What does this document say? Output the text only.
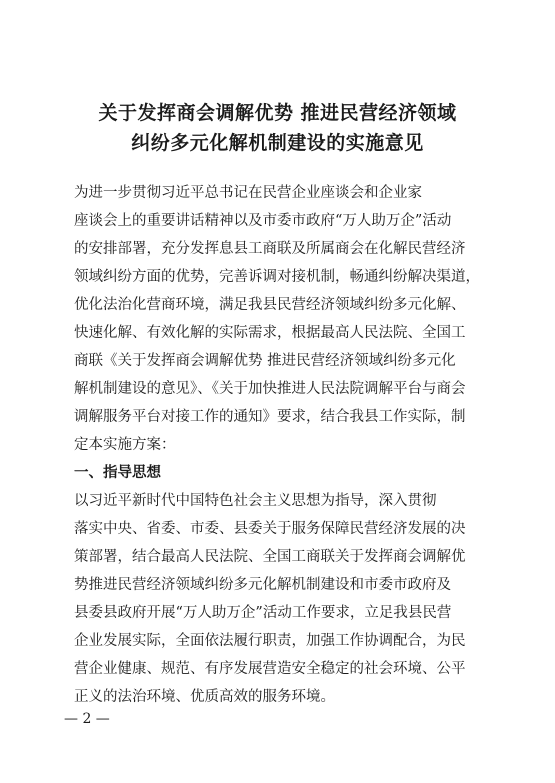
关于发挥商会调解优势 推进民营经济领域
纠纷多元化解机制建设的实施意见
为进一步贯彻习近平总书记在民营企业座谈会和企业家
座谈会上的重要讲话精神以及市委市政府“万人助万企”活动
的安排部署，充分发挥息县工商联及所属商会在化解民营经济
领域纠纷方面的优势，完善诉调对接机制，畅通纠纷解决渠道，
优化法治化营商环境，满足我县民营经济领域纠纷多元化解、
快速化解、有效化解的实际需求，根据最高人民法院、全国工
商联《关于发挥商会调解优势 推进民营经济领域纠纷多元化
解机制建设的意见》、《关于加快推进人民法院调解平台与商会
调解服务平台对接工作的通知》要求，结合我县工作实际，制
定本实施方案：
一、指导思想
以习近平新时代中国特色社会主义思想为指导，深入贯彻
落实中央、省委、市委、县委关于服务保障民营经济发展的决
策部署，结合最高人民法院、全国工商联关于发挥商会调解优
势推进民营经济领域纠纷多元化解机制建设和市委市政府及
县委县政府开展“万人助万企”活动工作要求，立足我县民营
企业发展实际，全面依法履行职责，加强工作协调配合，为民
营企业健康、规范、有序发展营造安全稳定的社会环境、公平
正义的法治环境、优质高效的服务环境。
— 2 —
